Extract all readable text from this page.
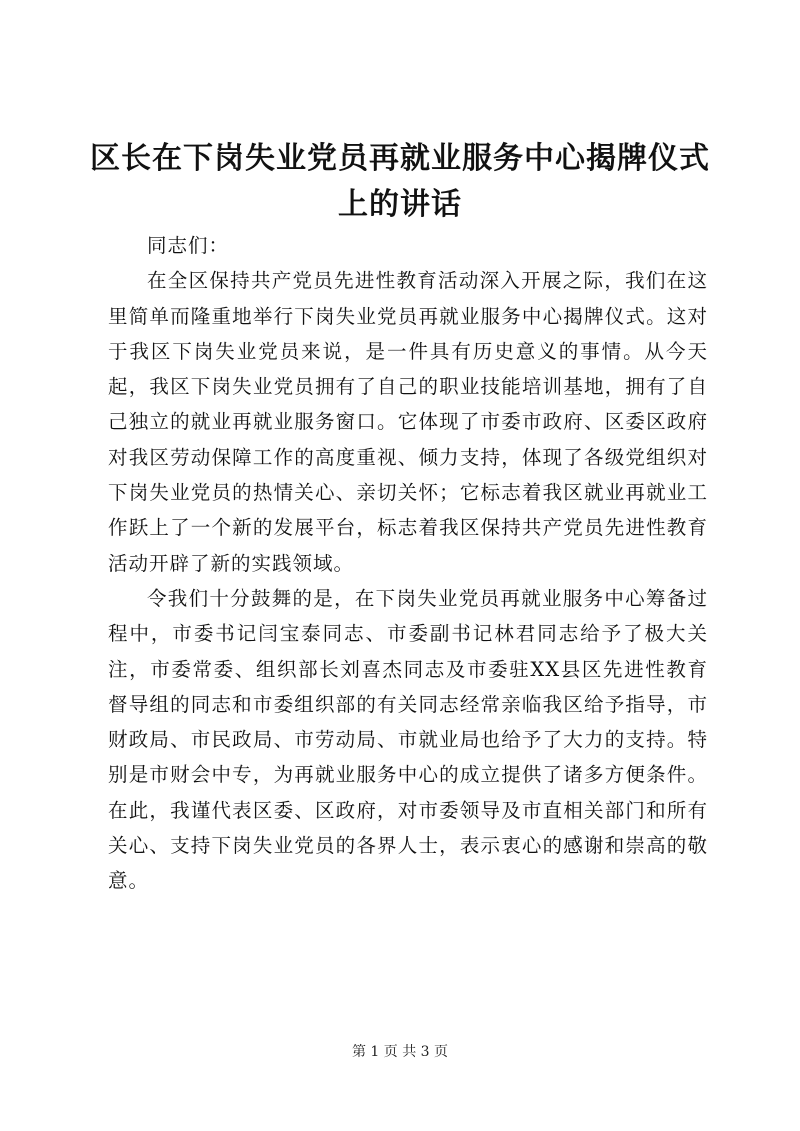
区长在下岗失业党员再就业服务中心揭牌仪式
上的讲话

同志们：

在全区保持共产党员先进性教育活动深入开展之际，我们在这里简单而隆重地举行下岗失业党员再就业服务中心揭牌仪式。这对于我区下岗失业党员来说，是一件具有历史意义的事情。从今天起，我区下岗失业党员拥有了自己的职业技能培训基地，拥有了自己独立的就业再就业服务窗口。它体现了市委市政府、区委区政府对我区劳动保障工作的高度重视、倾力支持，体现了各级党组织对下岗失业党员的热情关心、亲切关怀；它标志着我区就业再就业工作跃上了一个新的发展平台，标志着我区保持共产党员先进性教育活动开辟了新的实践领域。

令我们十分鼓舞的是，在下岗失业党员再就业服务中心筹备过程中，市委书记闫宝泰同志、市委副书记林君同志给予了极大关注，市委常委、组织部长刘喜杰同志及市委驻XX县区先进性教育督导组的同志和市委组织部的有关同志经常亲临我区给予指导，市财政局、市民政局、市劳动局、市就业局也给予了大力的支持。特别是市财会中专，为再就业服务中心的成立提供了诸多方便条件。在此，我谨代表区委、区政府，对市委领导及市直相关部门和所有关心、支持下岗失业党员的各界人士，表示衷心的感谢和崇高的敬意。

第 1 页 共 3 页
